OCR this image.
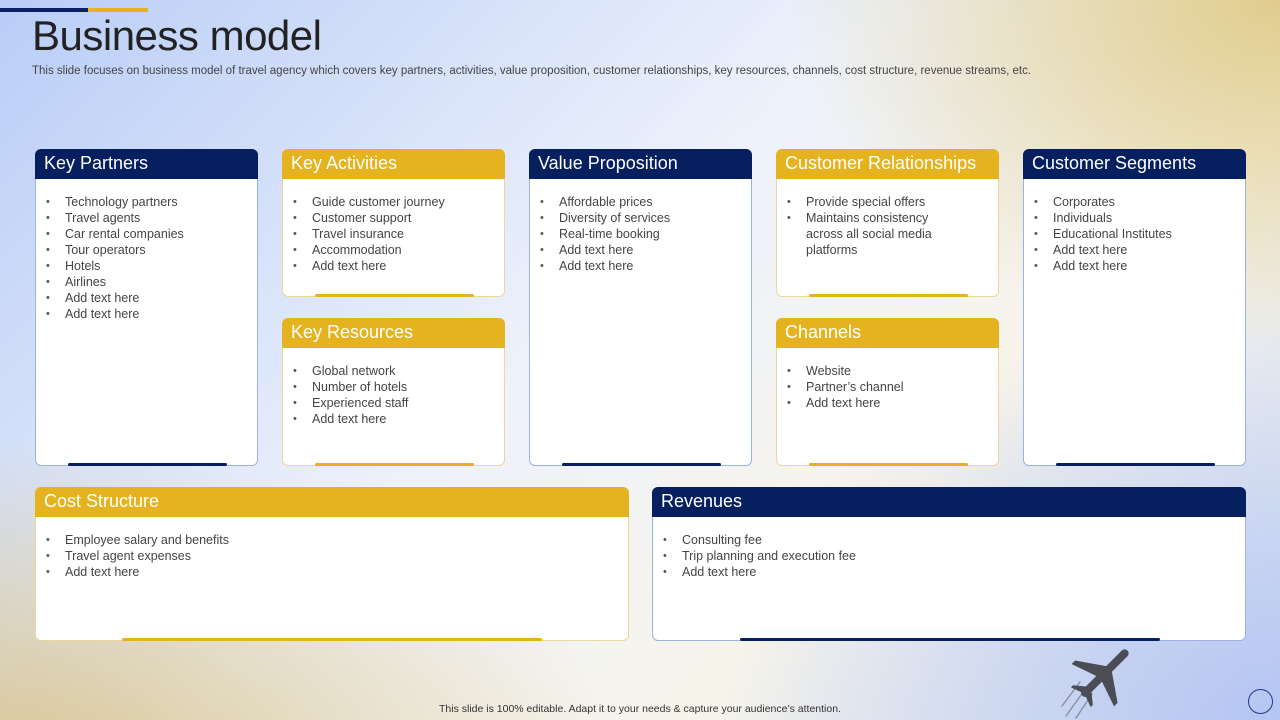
Business model

This slide focuses on business model of travel agency which covers key partners, activities, value proposition, customer relationships, key resources, channels, cost structure, revenue streams, etc.

Key Partners
• Technology partners
• Travel agents
• Car rental companies
• Tour operators
• Hotels
• Airlines
• Add text here
• Add text here
Key Activities
• Guide customer journey
• Customer support
• Travel insurance
• Accommodation
• Add text here
Key Resources
• Global network
• Number of hotels
• Experienced staff
• Add text here
Value Proposition
• Affordable prices
• Diversity of services
• Real-time booking
• Add text here
• Add text here
Customer Relationships
• Provide special offers
• Maintains consistency across all social media platforms
Channels
• Website
• Partner’s channel
• Add text here
Customer Segments
• Corporates
• Individuals
• Educational Institutes
• Add text here
• Add text here
Cost Structure
• Employee salary and benefits
• Travel agent expenses
• Add text here
Revenues
• Consulting fee
• Trip planning and execution fee
• Add text here
This slide is 100% editable. Adapt it to your needs & capture your audience’s attention.
